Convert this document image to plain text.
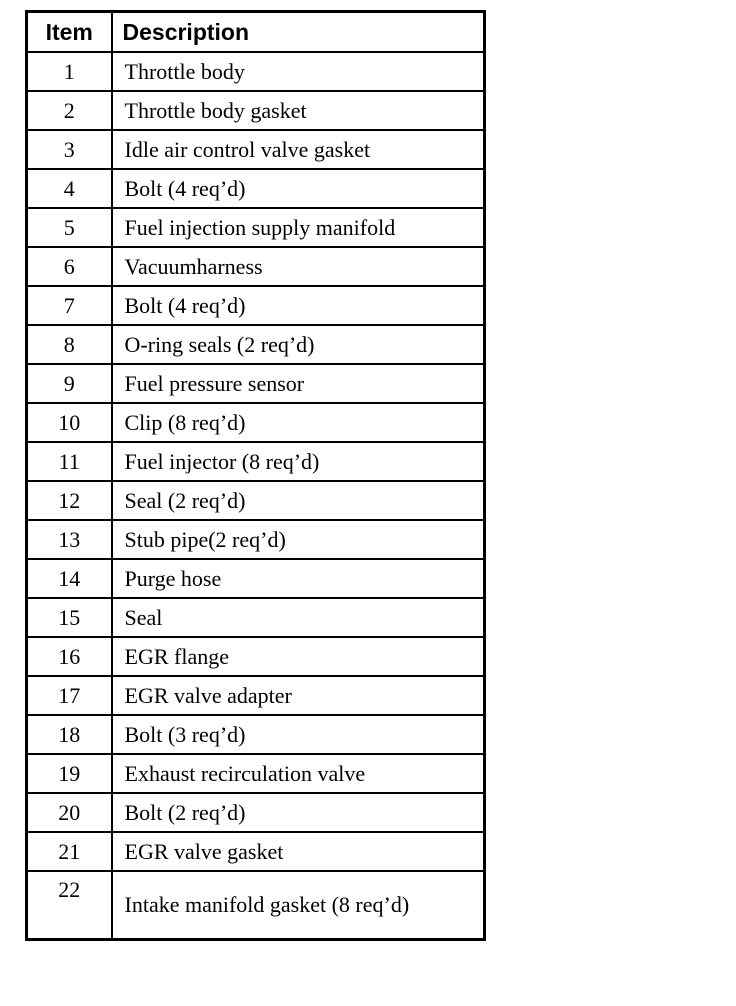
Item	Description
1	Throttle body
2	Throttle body gasket
3	Idle air control valve gasket
4	Bolt (4 req’d)
5	Fuel injection supply manifold
6	Vacuumharness
7	Bolt (4 req’d)
8	O-ring seals (2 req’d)
9	Fuel pressure sensor
10	Clip (8 req’d)
11	Fuel injector (8 req’d)
12	Seal (2 req’d)
13	Stub pipe(2 req’d)
14	Purge hose
15	Seal
16	EGR flange
17	EGR valve adapter
18	Bolt (3 req’d)
19	Exhaust recirculation valve
20	Bolt (2 req’d)
21	EGR valve gasket
22	Intake manifold gasket (8 req’d)
